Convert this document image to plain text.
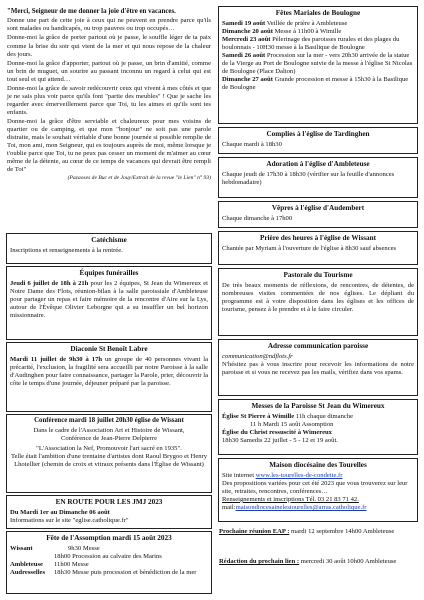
"Merci, Seigneur de me donner la joie d'être en vacances.
Donne une part de cette joie à ceux qui ne peuvent en prendre parce qu'ils sont malades ou handicapés, ou trop pauvres ou trop occupés…
Donne-moi la grâce de porter partout où je passe, le souffle léger de ta paix comme la brise du soir qui vient de la mer et qui nous repose de la chaleur des jours.
Donne-moi la grâce d'apporter, partout où je passe, un brin d'amitié, comme un brin de muguet, un sourire au passant inconnu un regard à celui qui est tout seul et qui attend…
Donne-moi la grâce de savoir redécouvrir ceux qui vivent à mes côtés et que je ne sais plus voir parce qu'ils font "partie des meubles" ! Que je sache les regarder avec émerveillement parce que Toi, tu les aimes et qu'ils sont tes enfants.
Donne-moi la grâce d'être serviable et chaleureux pour mes voisins de quartier ou de camping, et que mon "bonjour" ne soit pas une parole distraite, mais le souhait véritable d'une bonne journée si possible remplie de Toi, mon ami, mon Seigneur, qui es toujours auprès de moi, même lorsque je t'oublie parce que Toi, tu ne peux pas cesser un moment de m'aimer au cœur même de la détente, au cœur de ce temps de vacances qui devrait être rempli de Toi"
(Pazaoses de Buc et de Jouy/Extrait de la revue "le Lien" n° 93)
Catéchisme
Inscriptions et renseignements à la rentrée.
Équipes funérailles
Jeudi 6 juillet de 18h à 21h pour les 2 équipes, St Jean du Wimereux et Notre Dame des Flots, réunion-bilan à la salle paroissiale d'Ambleteuse pour partager un repas et faire mémoire de la rencontre d'Aire sur la Lys, autour de l'Évêque Olivier Leborgne qui a su insuffler un bel horizon missionnaire.
Diaconie St Benoît Labre
Mardi 11 juillet de 9h30 à 17h un groupe de 40 personnes vivant la précarité, l'exclusion, la fragilité sera accueilli par notre Paroisse à la salle d'Audinghen pour faire connaissance, partager la Parole, prier, découvrir la côte le temps d'une journée, déjeuner préparé par la paroisse.
Conférence mardi 18 juillet 20h30 église de Wissant
Dans le cadre de l'Association Art et Histoire de Wissant,
Conférence de Jean-Pierre Delpierre
"L'Association la Nef, Promouvoir l'art sacré en 1935".
Telle était l'ambition d'une trentaine d'artistes dont Raoul Brygoo et Henry Lhotellier (chemin de croix et vitraux présents dans l'Église de Wissant)
EN ROUTE POUR LES JMJ 2023
Du Mardi 1er au Dimanche 06 août
Informations sur le site "eglise.catholique.fr"
Fête de l'Assomption mardi 15 août 2023
Wissant	9h30 Messe
18h00 Procession au calvaire des Marins
Ambleteuse	11h00 Messe
Audresselles	18h30 Messe puis procession et bénédiction de la mer
Fêtes Mariales de Boulogne
Samedi 19 août Veillée de prière à Ambleteuse
Dimanche 20 août Messe à 11h00 à Wimille
Mercredi 23 août Pèlerinage des paroisses rurales et des plages du boulonnais - 10H30 messe à la Basilique de Boulogne
Samedi 26 août Procession sur la mer - vers 20h30 arrivée de la statue de la Vierge au Port de Boulogne suivie de la messe à l'église St Nicolas de Boulogne (Place Dalton)
Dimanche 27 août Grande procession et messe à 15h30 à la Basilique de Boulogne
Complies à l'église de Tardinghen
Chaque mardi à 18h30
Adoration à l'église d'Ambleteuse
Chaque jeudi de 17h30 à 18h30 (vérifier sur la feuille d'annonces hebdomadaire)
Vêpres à l'église d'Audembert
Chaque dimanche à 17h00
Prière des heures à l'église de Wissant
Chantée par Myriam à l'ouverture de l'église à 8h30 sauf absences
Pastorale du Tourisme
De très beaux moments de réflexions, de rencontres, de détentes, de nombreuses visites commentées de nos églises. Le dépliant du programme est à votre disposition dans les églises et les offices de tourisme, pensez à le prendre et à le faire circuler.
Adresse communication paroisse
communication@ndflots.fr
N'hésitez pas à vous inscrire pour recevoir les informations de notre paroisse et si vous ne recevez pas les mails, vérifiez dans vos spams.
Messes de la Paroisse St Jean du Wimereux
Église St Pierre à Wimille 11h chaque dimanche
11 h Mardi 15 août Assomption
Église du Christ ressuscité à Wimereux
18h30 Samedis 22 juillet - 5 - 12 et 19 août.
Maison diocésaine des Tourelles
Site internet www.les-tourelles-de-condette.fr
Des propositions variées pour cet été 2023 que vous trouverez sur leur site, retraites, rencontres, conférences…
Renseignements et inscriptions Tél. 03 21 83 71 42.
mail:maisondiocesainelestourelles@arras.catholique.fr
Prochaine réunion EAP : mardi 12 septembre 14h00 Ambleteuse
Rédaction du prochain lien : mercredi 30 août 10h00 Ambleteuse
